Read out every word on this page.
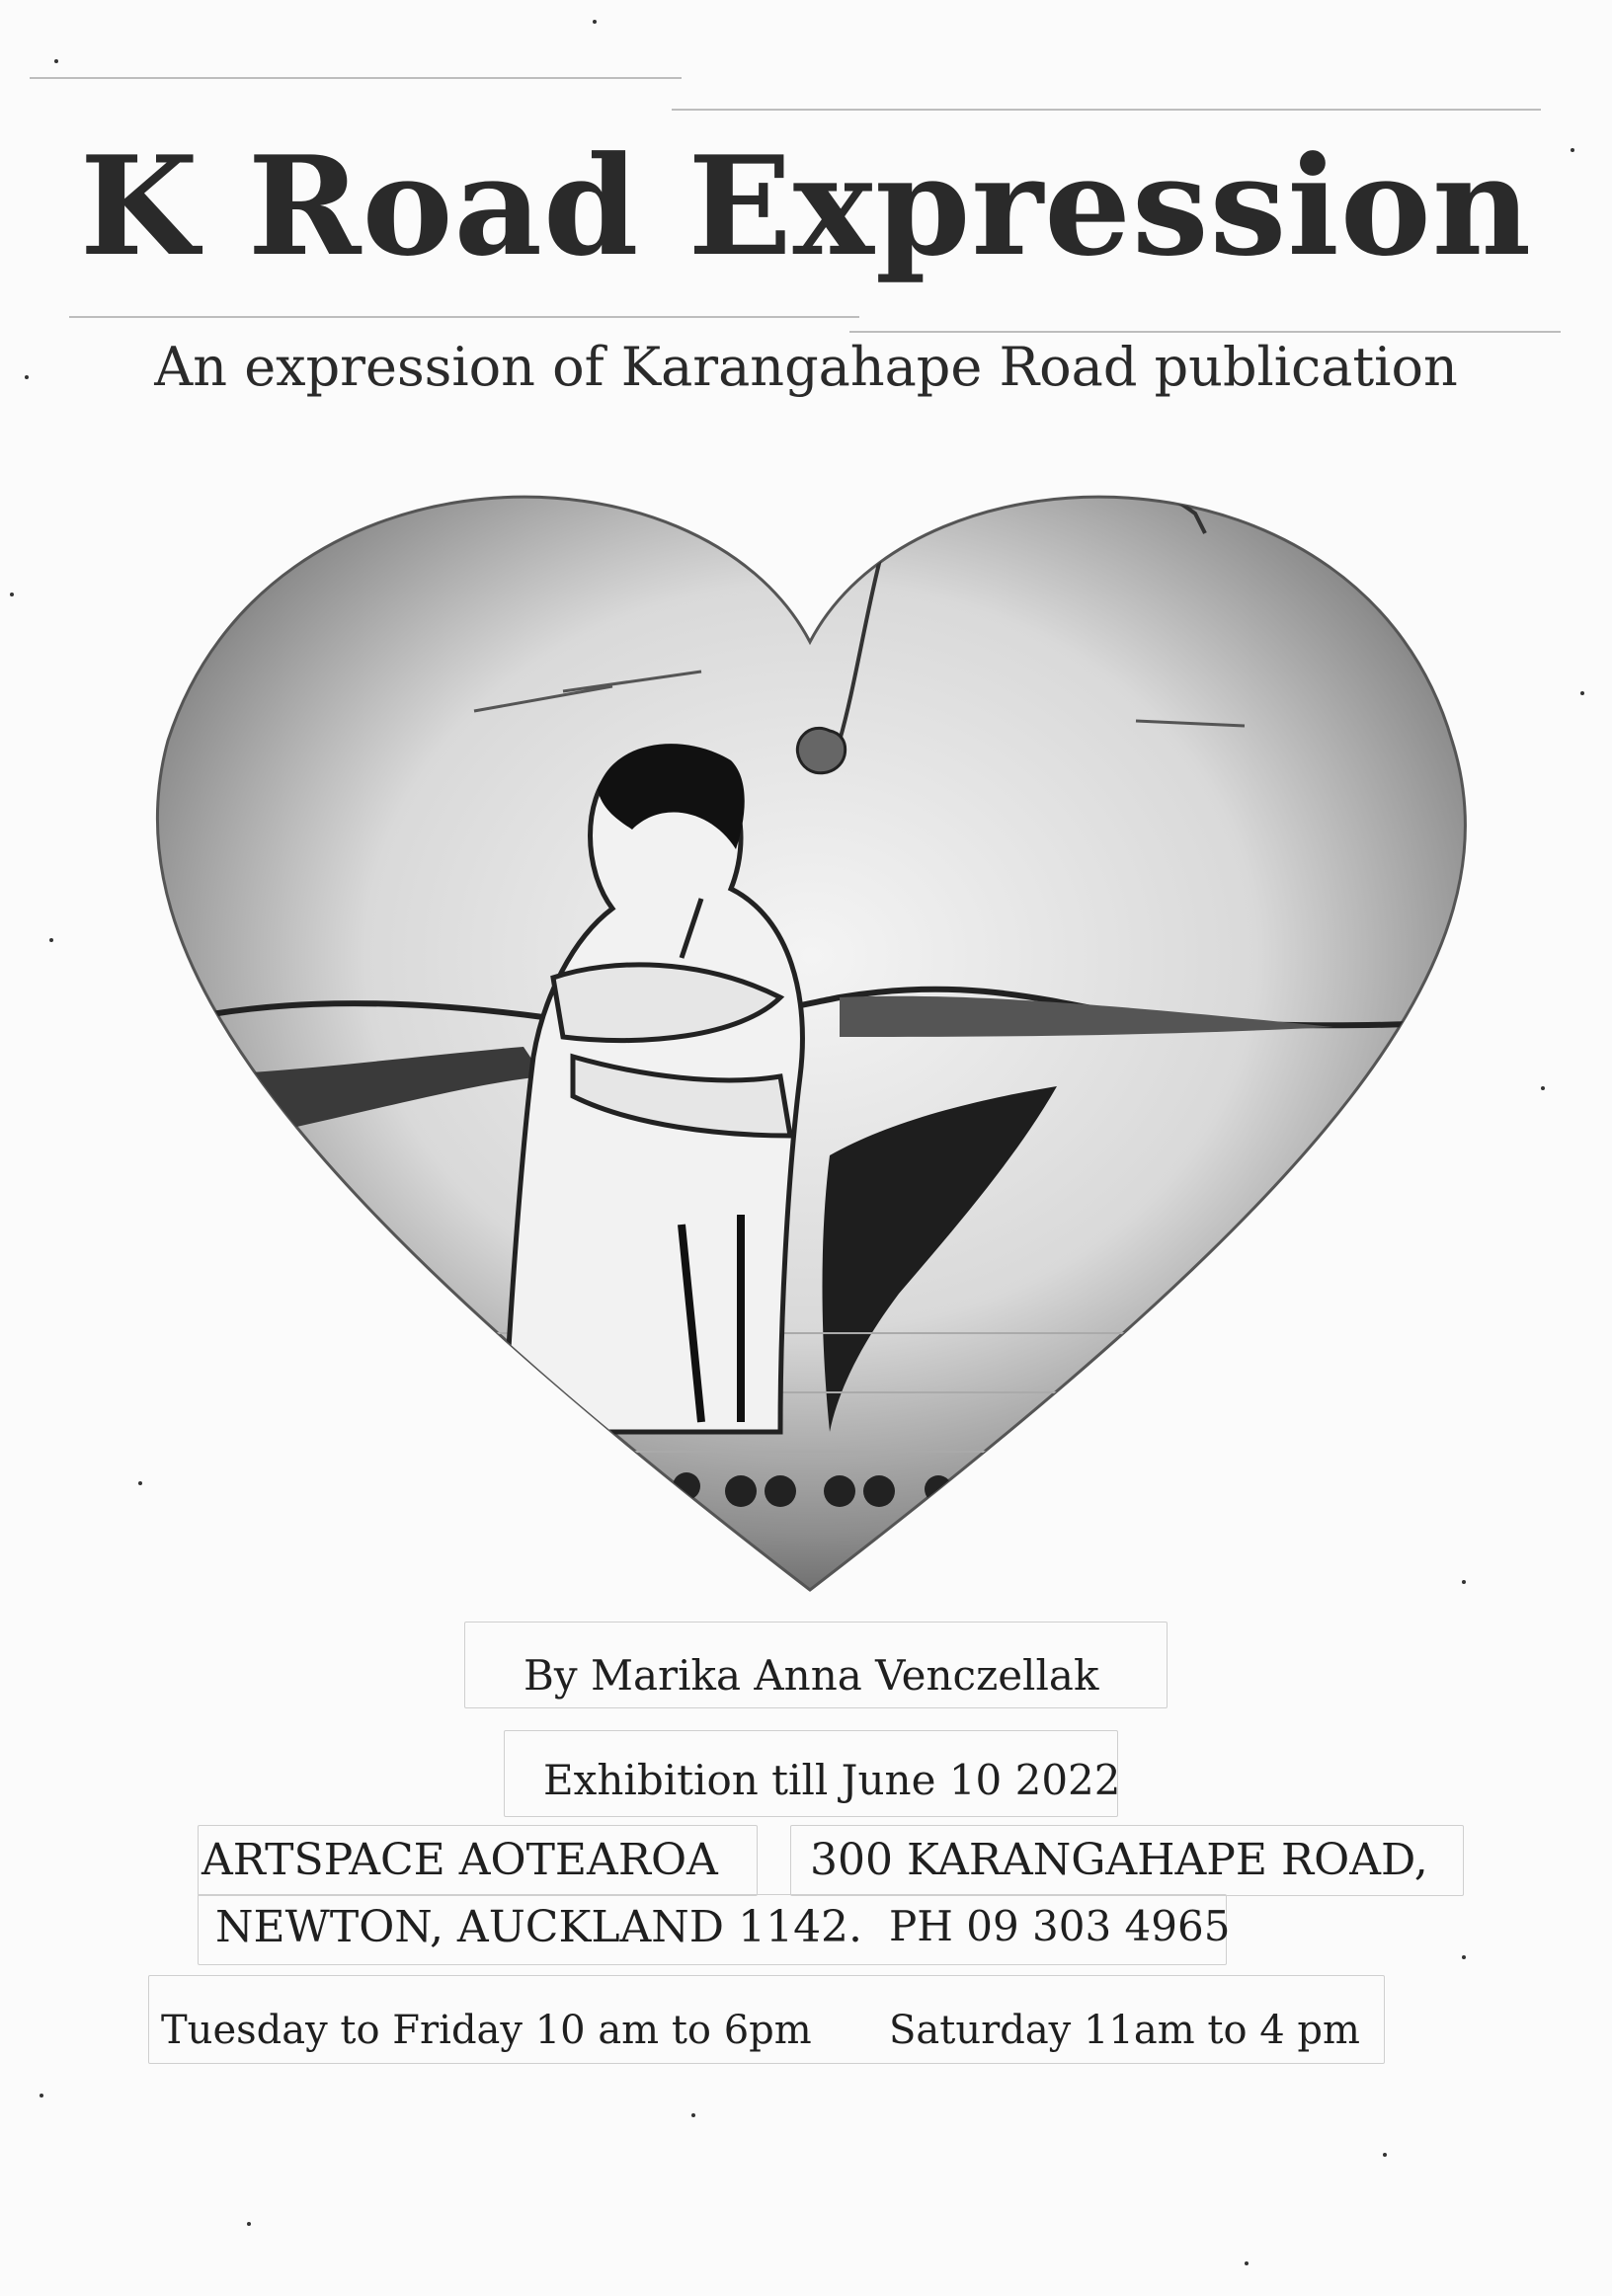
K Road Expression
An expression of Karangahape Road publication
By Marika Anna Venczellak
Exhibition till June 10 2022
ARTSPACE AOTEAROA 300 KARANGAHAPE ROAD,
NEWTON, AUCKLAND 1142. PH 09 303 4965
Tuesday to Friday 10 am to 6pm Saturday 11am to 4 pm
